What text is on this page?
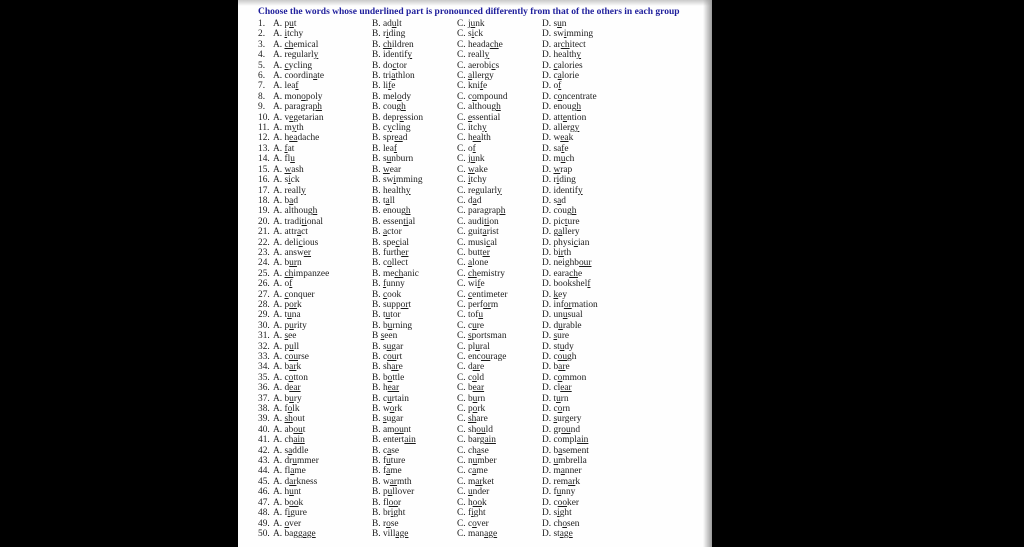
Choose the words whose underlined part is pronounced differently from that of the others in each group
1. A. put	B. adult	C. junk	D. sun
2. A. itchy	B. riding	C. sick	D. swimming
3. A. chemical	B. children	C. headache	D. architect
4. A. regularly	B. identify	C. really	D. healthy
5. A. cycling	B. doctor	C. aerobics	D. calories
6. A. coordinate	B. triathlon	C. allergy	D. calorie
7. A. leaf	B. life	C. knife	D. of
8. A. monopoly	B. melody	C. compound	D. concentrate
9. A. paragraph	B. cough	C. although	D. enough
10. A. vegetarian	B. depression	C. essential	D. attention
11. A. myth	B. cycling	C. itchy	D. allergy
12. A. headache	B. spread	C. health	D. weak
13. A. fat	B. leaf	C. of	D. safe
14. A. flu	B. sunburn	C. junk	D. much
15. A. wash	B. wear	C. wake	D. wrap
16. A. sick	B. swimming	C. itchy	D. riding
17. A. really	B. healthy	C. regularly	D. identify
18. A. bad	B. tall	C. dad	D. sad
19. A. although	B. enough	C. paragraph	D. cough
20. A. traditional	B. essential	C. audition	D. picture
21. A. attract	B. actor	C. guitarist	D. gallery
22. A. delicious	B. special	C. musical	D. physician
23. A. answer	B. further	C. butter	D. birth
24. A. burn	B. collect	C. alone	D. neighbour
25. A. chimpanzee	B. mechanic	C. chemistry	D. earache
26. A. of	B. funny	C. wife	D. bookshelf
27. A. conquer	B. cook	C. centimeter	D. key
28. A. pork	B. support	C. perform	D. information
29. A. tuna	B. tutor	C. tofu	D. unusual
30. A. purity	B. burning	C. cure	D. durable
31. A. see	B seen	C. sportsman	D. sure
32. A. pull	B. sugar	C. plural	D. study
33. A. course	B. court	C. encourage	D. cough
34. A. bark	B. share	C. dare	D. bare
35. A. cotton	B. bottle	C. cold	D. common
36. A. dear	B. hear	C. bear	D. clear
37. A. bury	B. curtain	C. burn	D. turn
38. A. folk	B. work	C. pork	D. corn
39. A. shout	B. sugar	C. share	D. surgery
40. A. about	B. amount	C. should	D. ground
41. A. chain	B. entertain	C. bargain	D. complain
42. A. saddle	B. case	C. chase	D. basement
43. A. drummer	B. future	C. number	D. umbrella
44. A. flame	B. fame	C. came	D. manner
45. A. darkness	B. warmth	C. market	D. remark
46. A. hunt	B. pullover	C. under	D. funny
47. A. book	B. floor	C. hook	D. cooker
48. A. figure	B. bright	C. fight	D. sight
49. A. over	B. rose	C. cover	D. chosen
50. A. baggage	B. village	C. manage	D. stage
